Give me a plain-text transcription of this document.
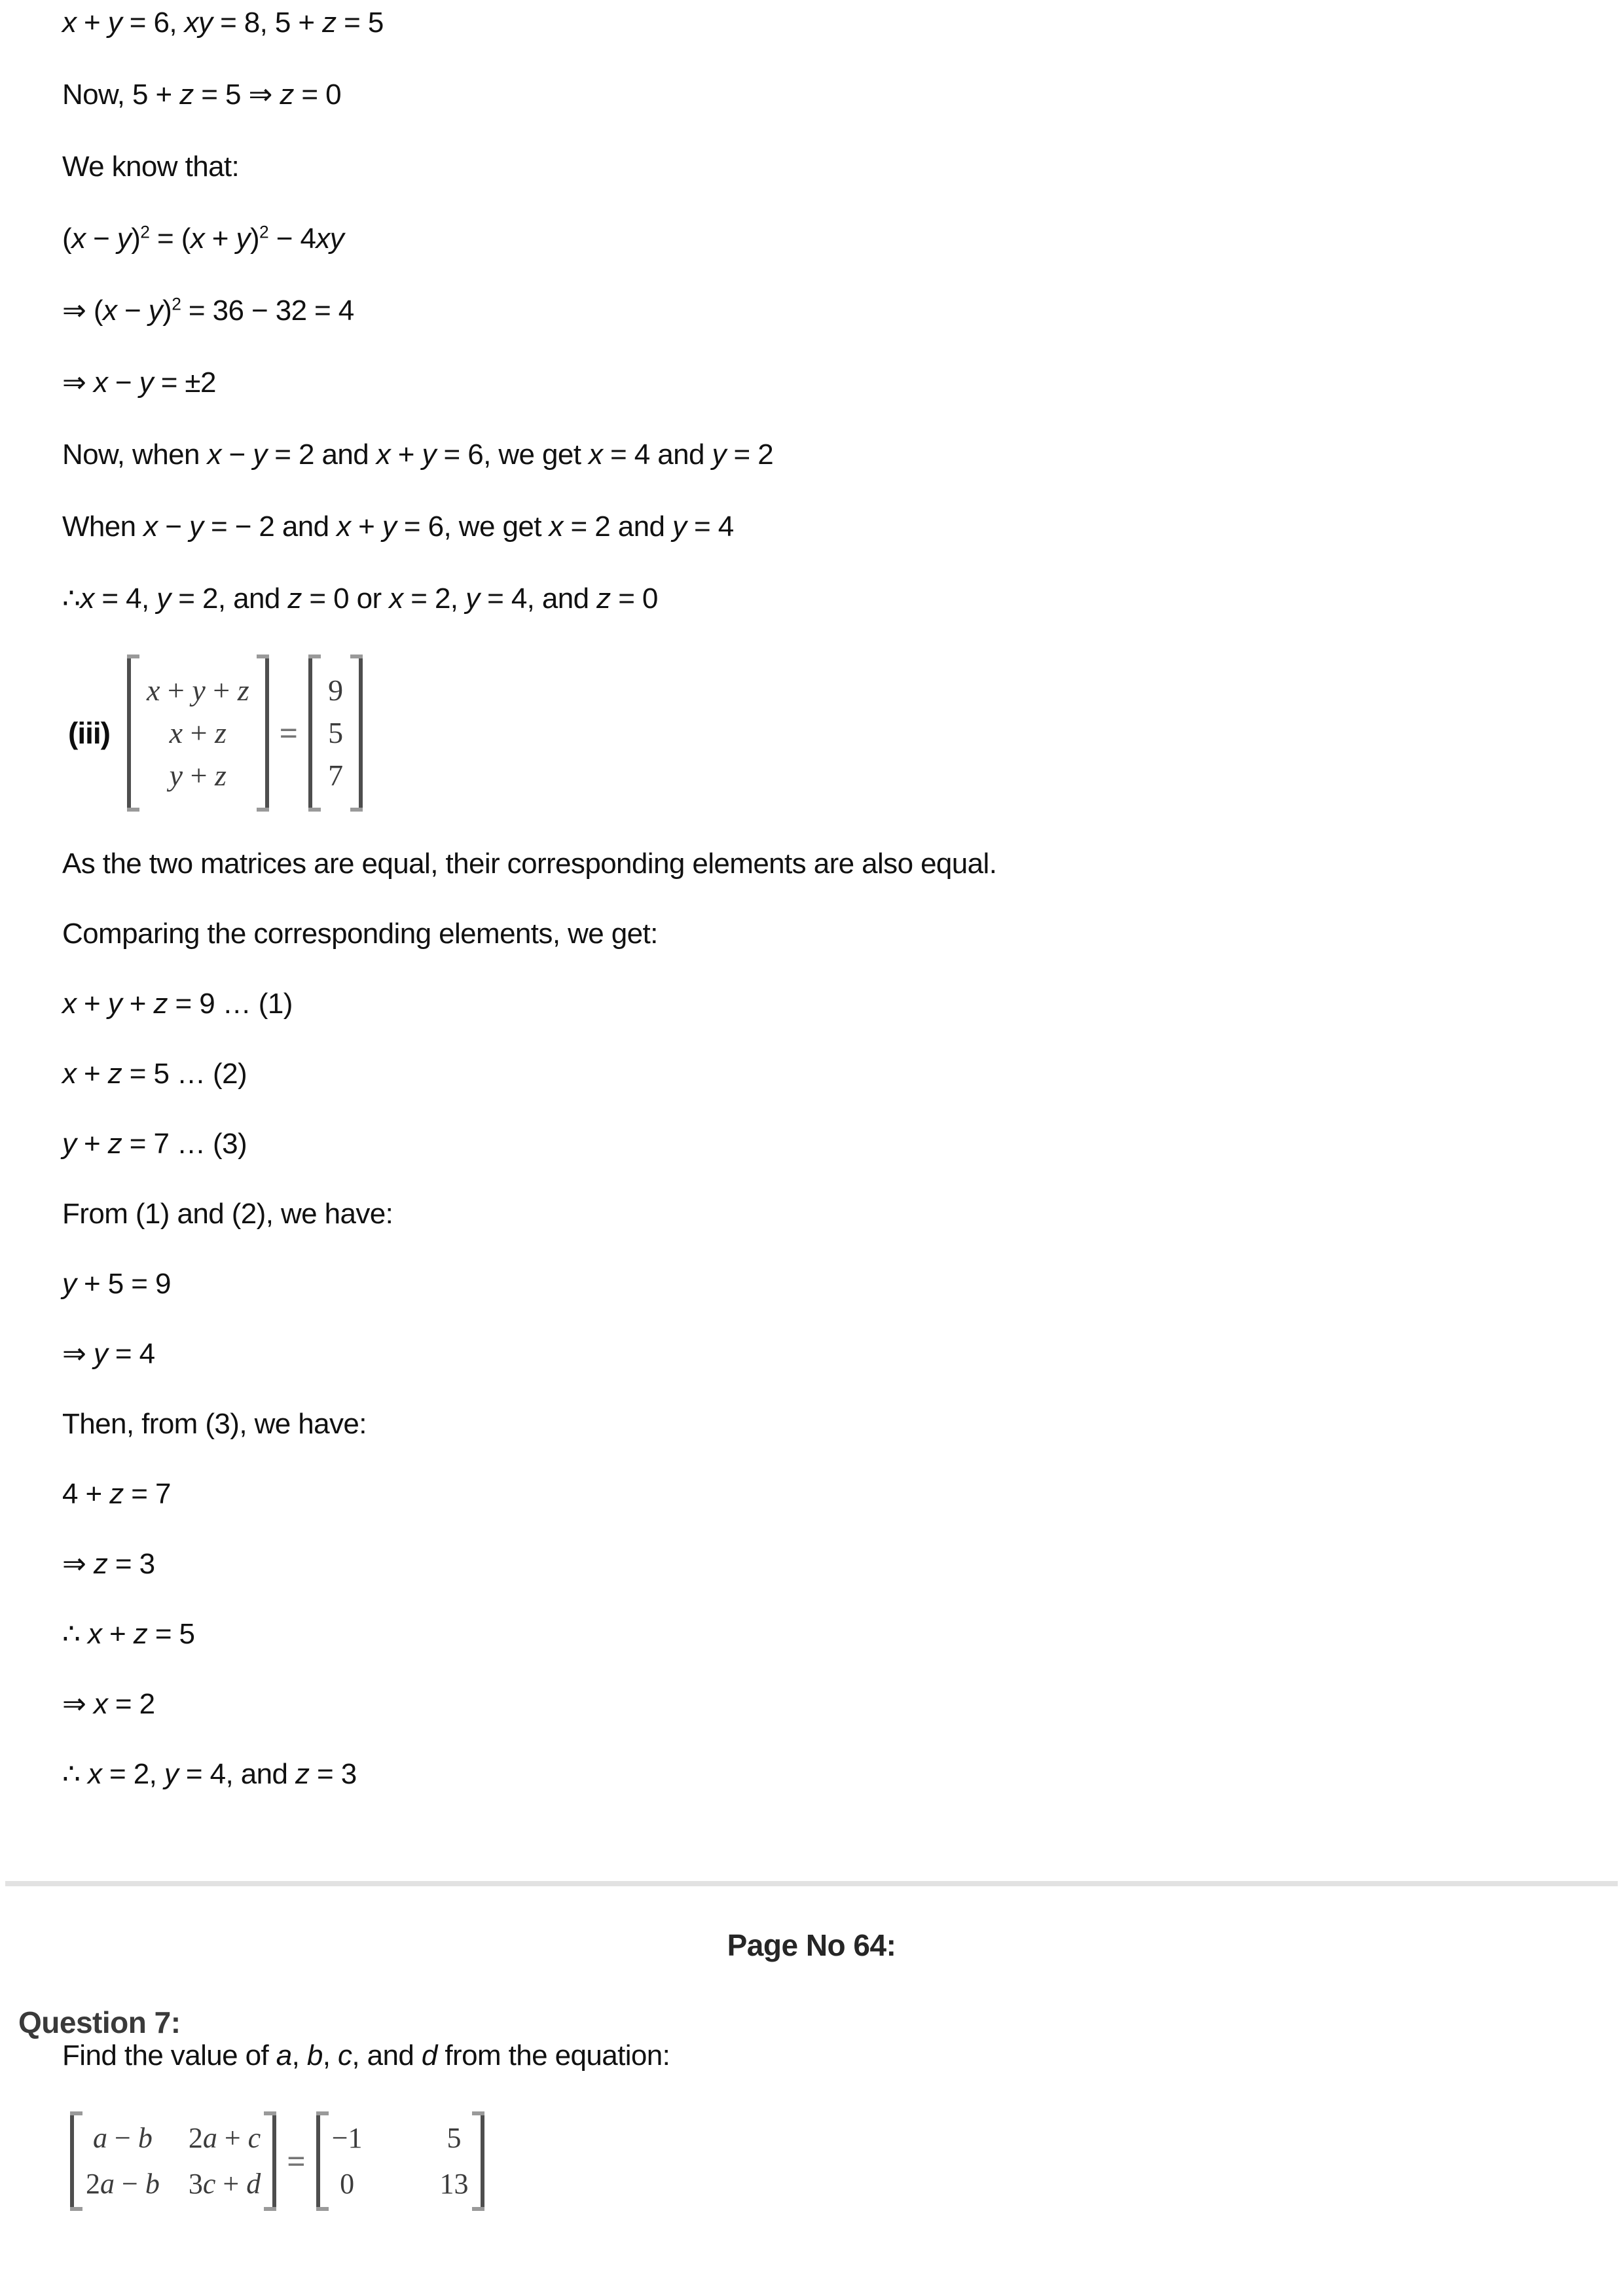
x + y = 6, xy = 8, 5 + z = 5

Now, 5 + z = 5 ⇒ z = 0

We know that:

$(x - y)^2 = (x + y)^2 - 4xy$

⇒ $(x - y)^2 = 36 - 32 = 4$

⇒ x − y = ±2

Now, when x − y = 2 and x + y = 6, we get x = 4 and y = 2

When x − y = − 2 and x + y = 6, we get x = 2 and y = 4

∴x = 4, y = 2, and z = 0 or x = 2, y = 4, and z = 0

(iii)
x + y + z
x + z
y + z
=
9
5
7

As the two matrices are equal, their corresponding elements are also equal.

Comparing the corresponding elements, we get:

x + y + z = 9 … (1)

x + z = 5 … (2)

y + z = 7 … (3)

From (1) and (2), we have:

y + 5 = 9

⇒ y = 4

Then, from (3), we have:

4 + z = 7

⇒ z = 3

∴ x + z = 5

⇒ x = 2

∴ x = 2, y = 4, and z = 3

Page No 64:
Question 7:

Find the value of a, b, c, and d from the equation:

a − b 2a + c
2a − b 3c + d
=
−1	5
0	13
